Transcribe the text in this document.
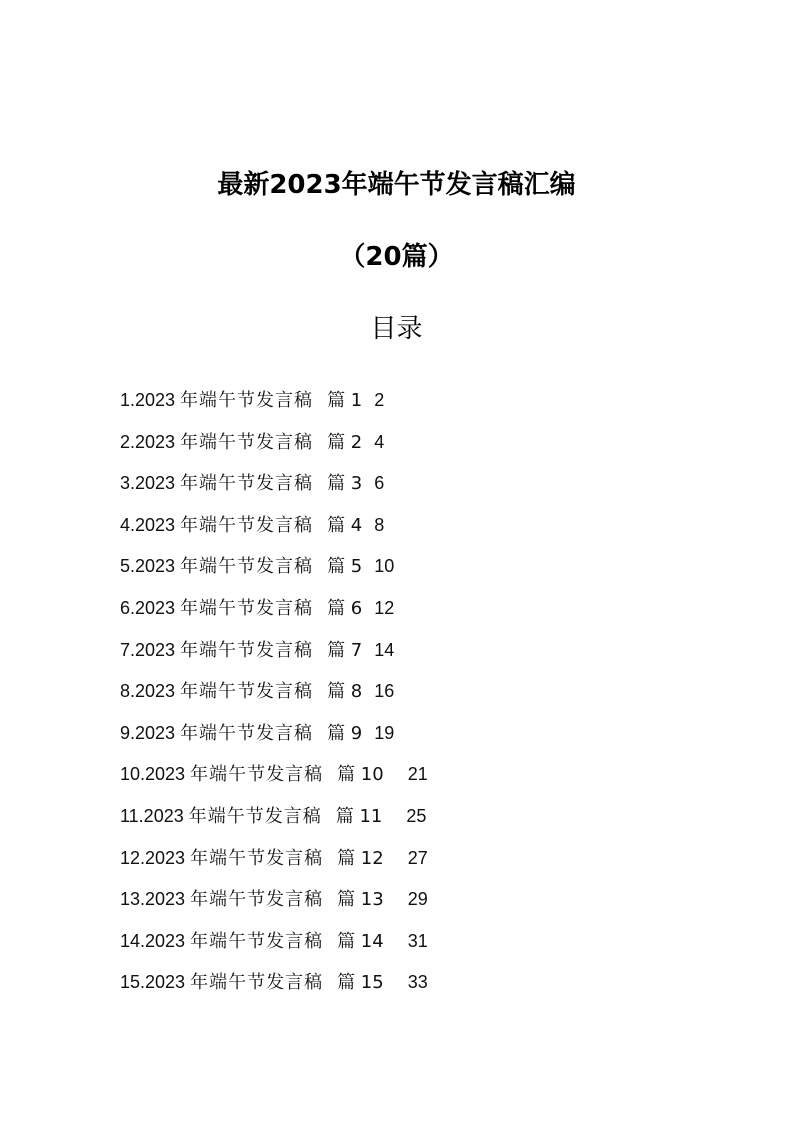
最新2023年端午节发言稿汇编
（20篇）
目录
1.2023 年端午节发言稿 篇 1 2
2.2023 年端午节发言稿 篇 2 4
3.2023 年端午节发言稿 篇 3 6
4.2023 年端午节发言稿 篇 4 8
5.2023 年端午节发言稿 篇 5 10
6.2023 年端午节发言稿 篇 6 12
7.2023 年端午节发言稿 篇 7 14
8.2023 年端午节发言稿 篇 8 16
9.2023 年端午节发言稿 篇 9 19
10.2023 年端午节发言稿 篇 10 21
11.2023 年端午节发言稿 篇 11 25
12.2023 年端午节发言稿 篇 12 27
13.2023 年端午节发言稿 篇 13 29
14.2023 年端午节发言稿 篇 14 31
15.2023 年端午节发言稿 篇 15 33
